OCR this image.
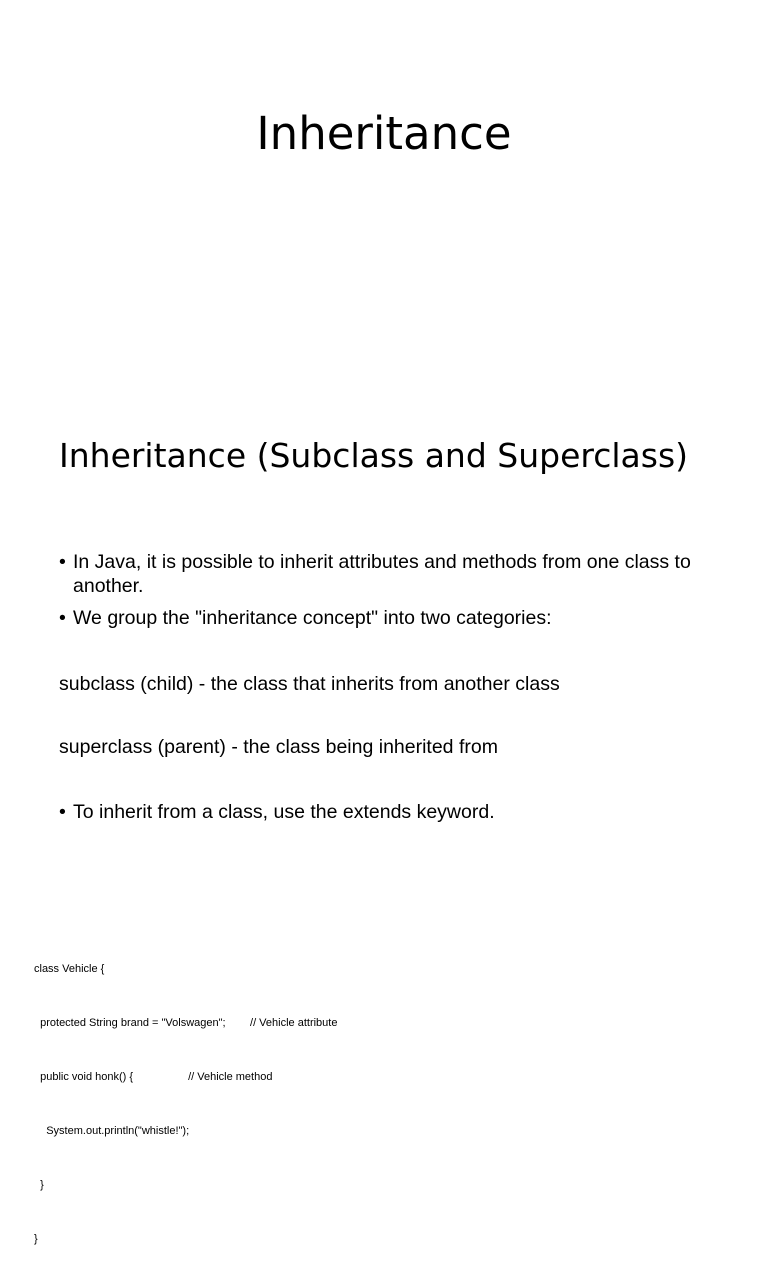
Inheritance
Inheritance (Subclass and Superclass)
• In Java, it is possible to inherit attributes and methods from one class to another.
• We group the "inheritance concept" into two categories:
subclass (child) - the class that inherits from another class
superclass (parent) - the class being inherited from
• To inherit from a class, use the extends keyword.

class Vehicle {

protected String brand = "Volswagen";        // Vehicle attribute

public void honk() {                  // Vehicle method

System.out.println("whistle!");

}

}
